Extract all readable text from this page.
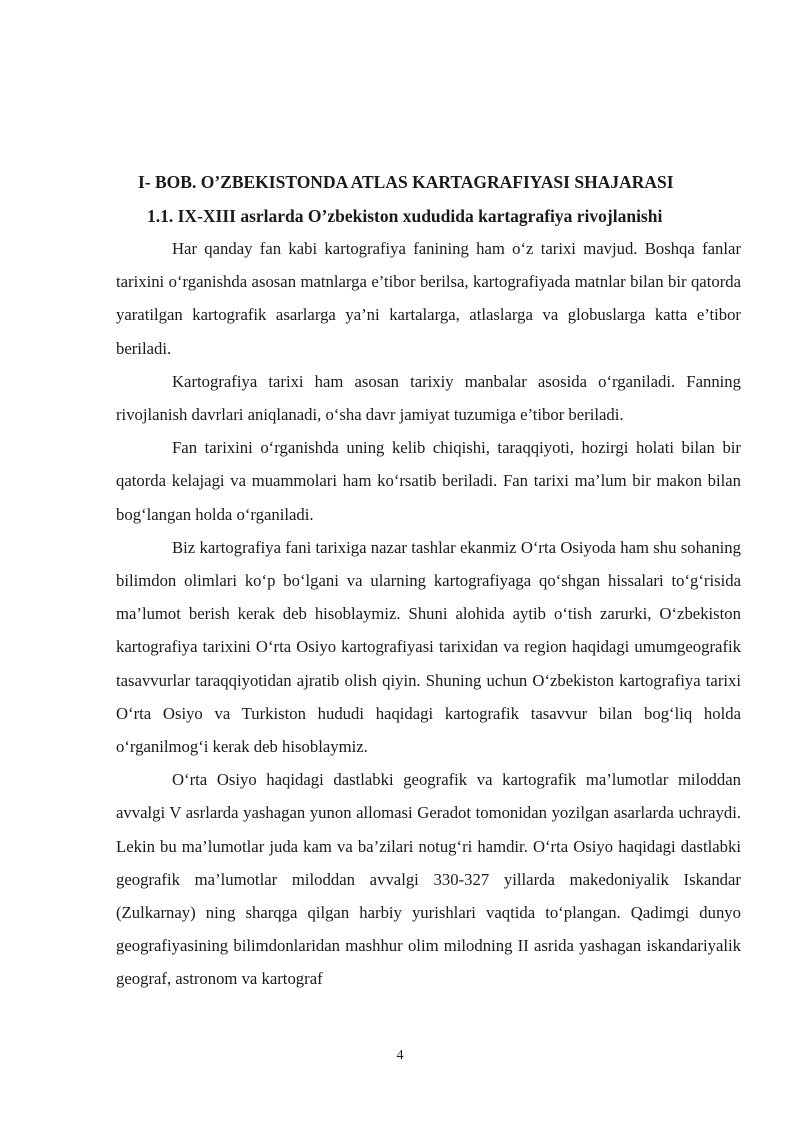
I- BOB. O’ZBEKISTONDA ATLAS KARTAGRAFIYASI SHAJARASI
1.1. IX-XIII asrlarda O’zbekiston xududida kartagrafiya rivojlanishi

Har qanday fan kabi kartografiya fanining ham o‘z tarixi mavjud. Boshqa fanlar tarixini o‘rganishda asosan matnlarga e’tibor berilsa, kartografiyada matnlar bilan bir qatorda yaratilgan kartografik asarlarga ya’ni kartalarga, atlaslarga va globuslarga katta e’tibor beriladi.

Kartografiya tarixi ham asosan tarixiy manbalar asosida o‘rganiladi. Fanning rivojlanish davrlari aniqlanadi, o‘sha davr jamiyat tuzumiga e’tibor beriladi.

Fan tarixini o‘rganishda uning kelib chiqishi, taraqqiyoti, hozirgi holati bilan bir qatorda kelajagi va muammolari ham ko‘rsatib beriladi. Fan tarixi ma’lum bir makon bilan bog‘langan holda o‘rganiladi.

Biz kartografiya fani tarixiga nazar tashlar ekanmiz O‘rta Osiyoda ham shu sohaning bilimdon olimlari ko‘p bo‘lgani va ularning kartografiyaga qo‘shgan hissalari to‘g‘risida ma’lumot berish kerak deb hisoblaymiz. Shuni alohida aytib o‘tish zarurki, O‘zbekiston kartografiya tarixini O‘rta Osiyo kartografiyasi tarixidan va region haqidagi umumgeografik tasavvurlar taraqqiyotidan ajratib olish qiyin. Shuning uchun O‘zbekiston kartografiya tarixi O‘rta Osiyo va Turkiston hududi haqidagi kartografik tasavvur bilan bog‘liq holda o‘rganilmog‘i kerak deb hisoblaymiz.

O‘rta Osiyo haqidagi dastlabki geografik va kartografik ma’lumotlar miloddan avvalgi V asrlarda yashagan yunon allomasi Geradot tomonidan yozilgan asarlarda uchraydi. Lekin bu ma’lumotlar juda kam va ba’zilari notug‘ri hamdir. O‘rta Osiyo haqidagi dastlabki geografik ma’lumotlar miloddan avvalgi 330-327 yillarda makedoniyalik Iskandar (Zulkarnay) ning sharqga qilgan harbiy yurishlari vaqtida to‘plangan. Qadimgi dunyo geografiyasining bilimdonlaridan mashhur olim milodning II asrida yashagan iskandariyalik geograf, astronom va kartograf

4
